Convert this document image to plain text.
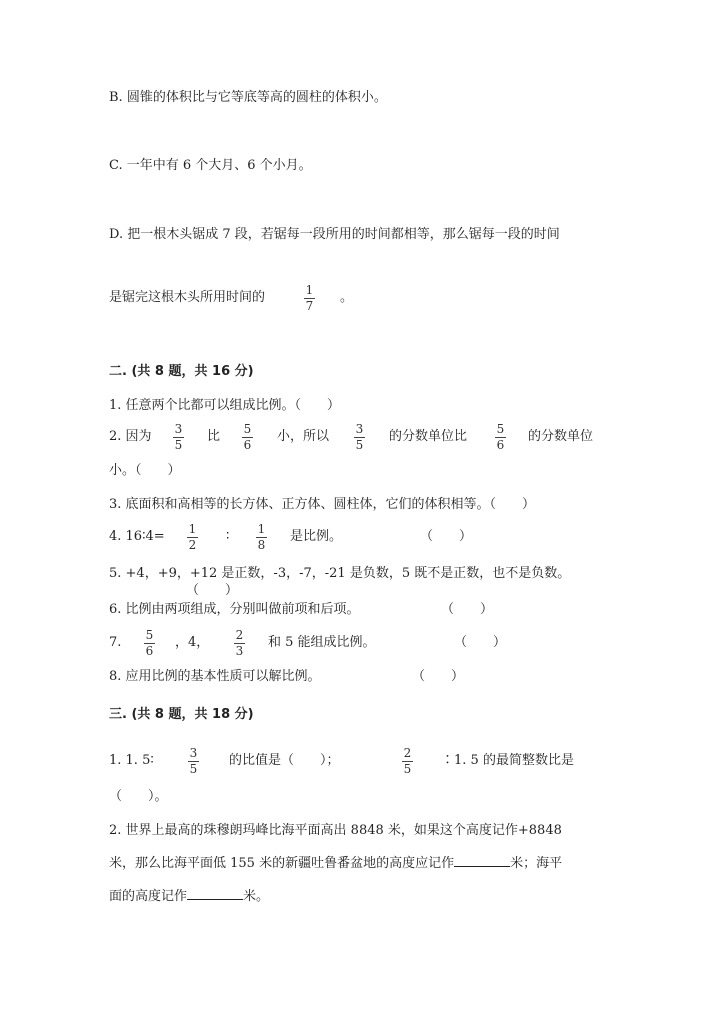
B. 圆锥的体积比与它等底等高的圆柱的体积小。
C. 一年中有 6 个大月、6 个小月。
D. 把一根木头锯成 7 段，若锯每一段所用的时间都相等，那么锯每一段的时间
是锯完这根木头所用时间的	1
7
。
二. (共 8 题，共 16 分)
1. 任意两个比都可以组成比例。（　　）
2. 因为 3
5
比 5
6
小，所以 3
5
的分数单位比 5
6
的分数单位
小。（　　）
3. 底面积和高相等的长方体、正方体、圆柱体，它们的体积相等。（　　）
4. 16∶4= 1
2
∶ 1
8
是比例。	（　　）
5. +4，+9，+12 是正数，-3，-7，-21 是负数，5 既不是正数，也不是负数。
（　　）
6. 比例由两项组成，分别叫做前项和后项。	（　　）
7. 5
6
，4， 2
3
和 5 能组成比例。	（　　）
8. 应用比例的基本性质可以解比例。	（　　）
三. (共 8 题，共 18 分)
1. 1. 5∶	3
5
的比值是（　　）；	2
5
∶1. 5 的最简整数比是
（　　）。
2. 世界上最高的珠穆朗玛峰比海平面高出 8848 米，如果这个高度记作+8848
米，那么比海平面低 155 米的新疆吐鲁番盆地的高度应记作	米；海平
面的高度记作	米。
